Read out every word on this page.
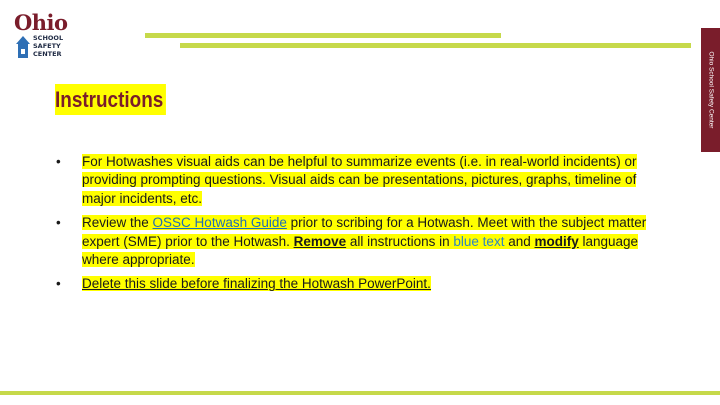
Ohio
SCHOOL
SAFETY
CENTER	Ohio School Safety Center
Instructions
• For Hotwashes visual aids can be helpful to summarize events (i.e. in real-world incidents) or providing prompting questions. Visual aids can be presentations, pictures, graphs, timeline of major incidents, etc.
• Review the OSSC Hotwash Guide prior to scribing for a Hotwash. Meet with the subject matter expert (SME) prior to the Hotwash. Remove all instructions in blue text and modify language where appropriate.
• Delete this slide before finalizing the Hotwash PowerPoint.
